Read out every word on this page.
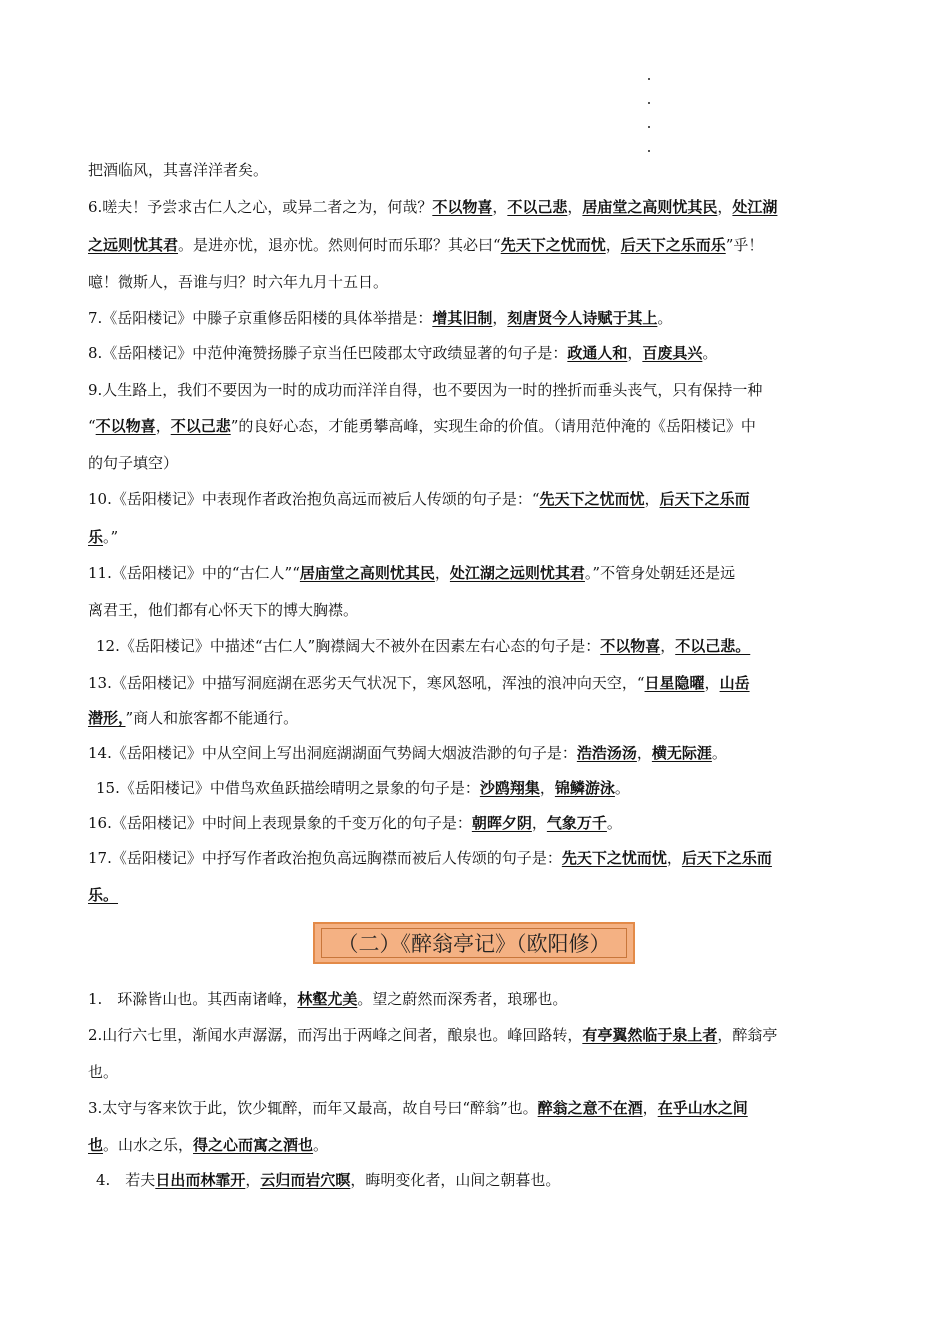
把酒临风，其喜洋洋者矣。
6.嗟夫！予尝求古仁人之心，或异二者之为，何哉？不以物喜，不以己悲，居庙堂之高则忧其民，处江湖
之远则忧其君。是进亦忧，退亦忧。然则何时而乐耶？其必曰“先天下之忧而忧，后天下之乐而乐”乎！
噫！微斯人，吾谁与归？时六年九月十五日。
7.《岳阳楼记》中滕子京重修岳阳楼的具体举措是：增其旧制，刻唐贤今人诗赋于其上。
8.《岳阳楼记》中范仲淹赞扬滕子京当任巴陵郡太守政绩显著的句子是：政通人和，百废具兴。
9.人生路上，我们不要因为一时的成功而洋洋自得，也不要因为一时的挫折而垂头丧气，只有保持一种
“不以物喜，不以己悲”的良好心态，才能勇攀高峰，实现生命的价值。（请用范仲淹的《岳阳楼记》中
的句子填空）
10.《岳阳楼记》中表现作者政治抱负高远而被后人传颂的句子是：“先天下之忧而忧，后天下之乐而
乐。”
11.《岳阳楼记》中的“古仁人”“居庙堂之高则忧其民，处江湖之远则忧其君。”不管身处朝廷还是远
离君王，他们都有心怀天下的博大胸襟。
12.《岳阳楼记》中描述“古仁人”胸襟阔大不被外在因素左右心态的句子是：不以物喜，不以己悲。
13.《岳阳楼记》中描写洞庭湖在恶劣天气状况下，寒风怒吼，浑浊的浪冲向天空，“日星隐曜，山岳
潜形，”商人和旅客都不能通行。
14.《岳阳楼记》中从空间上写出洞庭湖湖面气势阔大烟波浩渺的句子是：浩浩汤汤，横无际涯。
15.《岳阳楼记》中借鸟欢鱼跃描绘晴明之景象的句子是：沙鸥翔集，锦鳞游泳。
16.《岳阳楼记》中时间上表现景象的千变万化的句子是：朝晖夕阴，气象万千。
17.《岳阳楼记》中抒写作者政治抱负高远胸襟而被后人传颂的句子是：先天下之忧而忧，后天下之乐而
乐。
（二）《醉翁亭记》（欧阳修）
1.　环滁皆山也。其西南诸峰，林壑尤美。望之蔚然而深秀者，琅琊也。
2.山行六七里，渐闻水声潺潺，而泻出于两峰之间者，酿泉也。峰回路转，有亭翼然临于泉上者，醉翁亭
也。
3.太守与客来饮于此，饮少辄醉，而年又最高，故自号曰“醉翁”也。醉翁之意不在酒，在乎山水之间
也。山水之乐，得之心而寓之酒也。
4.　若夫日出而林霏开，云归而岩穴暝，晦明变化者，山间之朝暮也。
